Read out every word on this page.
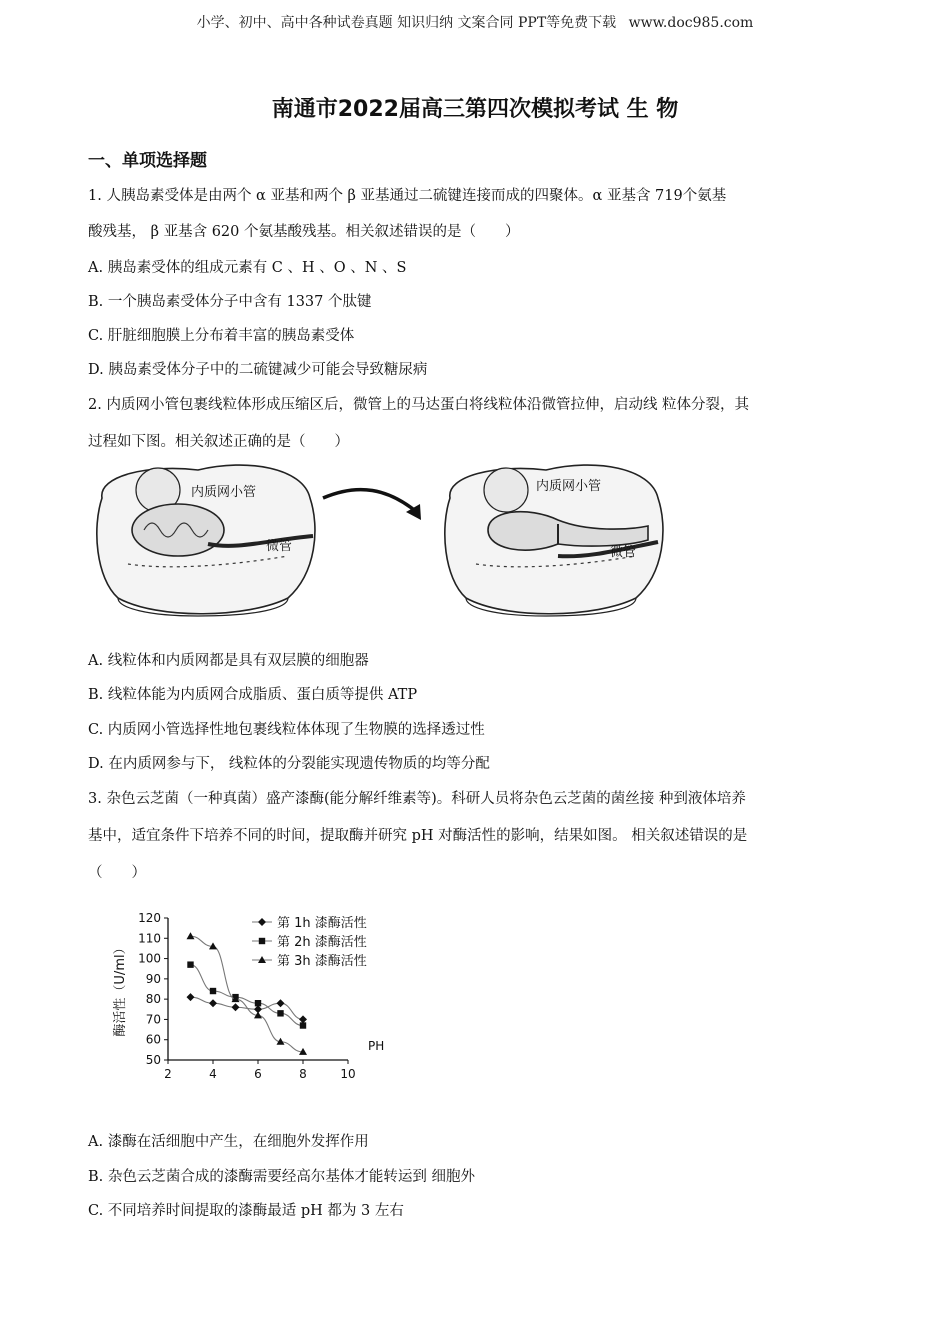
小学、初中、高中各种试卷真题 知识归纳 文案合同 PPT等免费下载 www.doc985.com
南通市2022届高三第四次模拟考试 生 物
一、单项选择题
1. 人胰岛素受体是由两个 α 亚基和两个 β 亚基通过二硫键连接而成的四聚体。α 亚基含 719个氨基
酸残基， β 亚基含 620 个氨基酸残基。相关叙述错误的是（　　）
A. 胰岛素受体的组成元素有 C 、H 、O 、N 、S
B. 一个胰岛素受体分子中含有 1337 个肽键
C. 肝脏细胞膜上分布着丰富的胰岛素受体
D. 胰岛素受体分子中的二硫键减少可能会导致糖尿病
2. 内质网小管包裹线粒体形成压缩区后，微管上的马达蛋白将线粒体沿微管拉伸，启动线 粒体分裂，其
过程如下图。相关叙述正确的是（　　）
内质网小管
微管
内质网小管
微管
A. 线粒体和内质网都是具有双层膜的细胞器
B. 线粒体能为内质网合成脂质、蛋白质等提供 ATP
C. 内质网小管选择性地包裹线粒体体现了生物膜的选择透过性
D. 在内质网参与下， 线粒体的分裂能实现遗传物质的均等分配
3. 杂色云芝菌（一种真菌）盛产漆酶(能分解纤维素等)。科研人员将杂色云芝菌的菌丝接 种到液体培养
基中，适宜条件下培养不同的时间，提取酶并研究 pH 对酶活性的影响，结果如图。 相关叙述错误的是
（　　）
50
60
70
80
90
100
110
120
2	4	6	8	10
PH
酶活性（U/ml）
第 1h 漆酶活性
第 2h 漆酶活性
第 3h 漆酶活性
A. 漆酶在活细胞中产生，在细胞外发挥作用
B. 杂色云芝菌合成的漆酶需要经高尔基体才能转运到 细胞外
C. 不同培养时间提取的漆酶最适 pH 都为 3 左右
